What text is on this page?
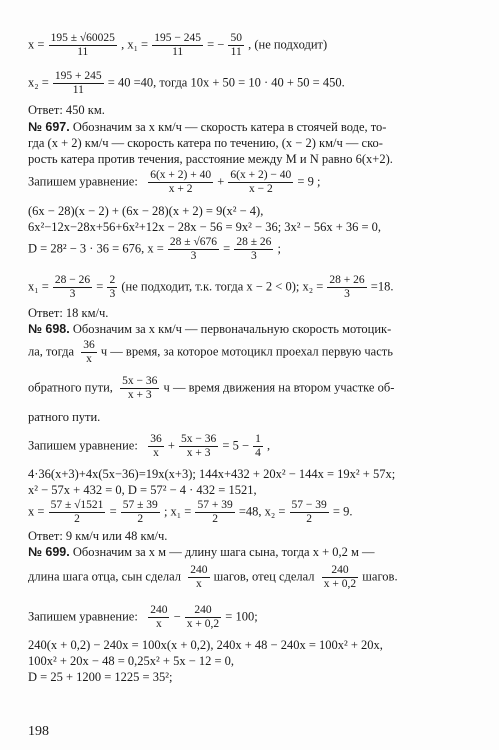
$x = \frac{195 \pm √60025}{11}$ , $x_1 = \frac{195 - 245}{11}$ = − $\frac{50}{11}$ , (не подходит)
$x_2 = \frac{195 + 245}{11} = 40 =40$, тогда 10x + 50 = 10 · 40 + 50 = 450.
Ответ: 450 км.
№ 697. Обозначим за x км/ч — скорость катера в стоячей воде, то-
гда (x + 2) км/ч — скорость катера по течению, (x − 2) км/ч — ско-
рость катера против течения, расстояние между M и N равно 6(x+2).
Запишем уравнение: $\frac{6(x + 2) + 40}{x + 2} + \frac{6(x + 2) - 40}{x - 2} = 9$ ;
(6x − 28)(x − 2) + (6x − 28)(x + 2) = 9(x² − 4),
6x²−12x−28x+56+6x²+12x − 28x − 56 = 9x² − 36; 3x² − 56x + 36 = 0,
D = 28² − 3 · 36 = 676, $x = \frac{28 \pm √676}{3} = \frac{28 \pm 26}{3}$ ;
$x_1 = \frac{28 - 26}{3} = \frac{2}{3} (не$ подходит, т.к. тогда x − 2 < 0); $x_2 = \frac{28 + 26}{3} =18$.
Ответ: 18 км/ч.
№ 698. Обозначим за x км/ч — первоначальную скорость мотоцик-
ла, тогда $\frac{36}{x}$ ч — время, за которое мотоцикл проехал первую часть
обратного пути, $\frac{5x - 36}{x + 3}$ ч — время движения на втором участке об-
ратного пути.
Запишем уравнение: $\frac{36}{x} + \frac{5x - 36}{x + 3} = 5 - \frac{1}{4}$ ,
4·36(x+3)+4x(5x−36)=19x(x+3); 144x+432 + 20x² − 144x = 19x² + 57x;
x² − 57x + 432 = 0, D = 57² − 4 · 432 = 1521,
$x = \frac{57 \pm √1521}{2} = \frac{57 \pm 39}{2}$ ; $x_1 = \frac{57 + 39}{2} =48$, $x_2 = \frac{57 - 39}{2} = 9$.
Ответ: 9 км/ч или 48 км/ч.
№ 699. Обозначим за x м — длину шага сына, тогда x + 0,2 м —
длина шага отца, сын сделал $\frac{240}{x}$ шагов, отец сделал $\frac{240}{x + 0,2}$ шагов.
Запишем уравнение: $\frac{240}{x} - \frac{240}{x + 0,2} = 100$;
240(x + 0,2) − 240x = 100x(x + 0,2), 240x + 48 − 240x = 100x² + 20x,
100x² + 20x − 48 = 0,25x² + 5x − 12 = 0,
D = 25 + 1200 = 1225 = 35²;
198
